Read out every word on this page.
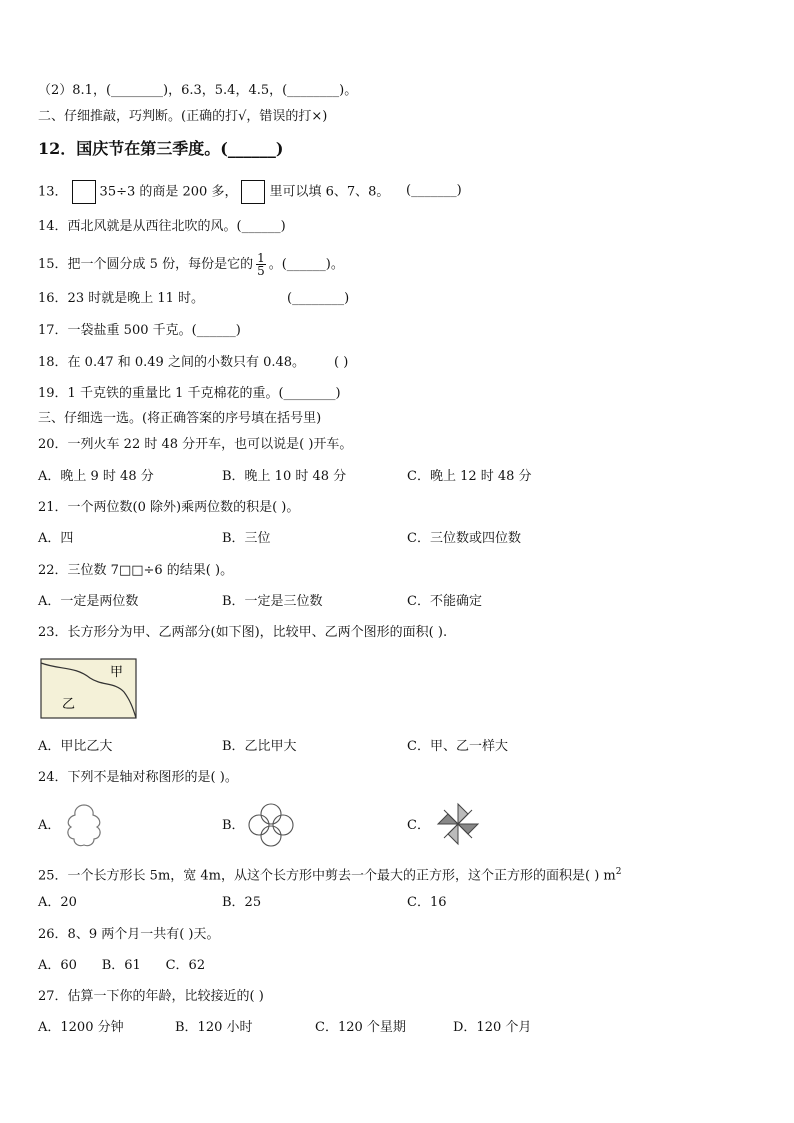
（2）8.1，(________)，6.3，5.4，4.5，(________)。
二、仔细推敲，巧判断。(正确的打√，错误的打×)
12．国庆节在第三季度。(______)
13． 35÷3 的商是 200 多， 里可以填 6、7、8。 (_______)
14．西北风就是从西往北吹的风。(______)
15．把一个圆分成 5 份，每份是它的 $\frac{1}{5}$ 。(______)。
16．23 时就是晚上 11 时。	(________)
17．一袋盐重 500 千克。(______)
18．在 0.47 和 0.49 之间的小数只有 0.48。 ( )
19．1 千克铁的重量比 1 千克棉花的重。(________)
三、仔细选一选。(将正确答案的序号填在括号里)
20．一列火车 22 时 48 分开车，也可以说是( )开车。
A．晚上 9 时 48 分	B．晚上 10 时 48 分	C．晚上 12 时 48 分
21．一个两位数(0 除外)乘两位数的积是( )。
A．四	B．三位	C．三位数或四位数
22．三位数 7□□÷6 的结果( )。
A．一定是两位数	B．一定是三位数	C．不能确定
23．长方形分为甲、乙两部分(如下图)，比较甲、乙两个图形的面积( ).
甲
乙
A．甲比乙大	B．乙比甲大	C．甲、乙一样大
24．下列不是轴对称图形的是( )。
A．	B．	C．
25．一个长方形长 5m，宽 4m，从这个长方形中剪去一个最大的正方形，这个正方形的面积是( ) $m^2$
A．20	B．25	C．16
26．8、9 两个月一共有( )天。
A．60      B．61      C．62
27．估算一下你的年龄，比较接近的( )
A．1200 分钟	B．120 小时	C．120 个星期	D．120 个月
